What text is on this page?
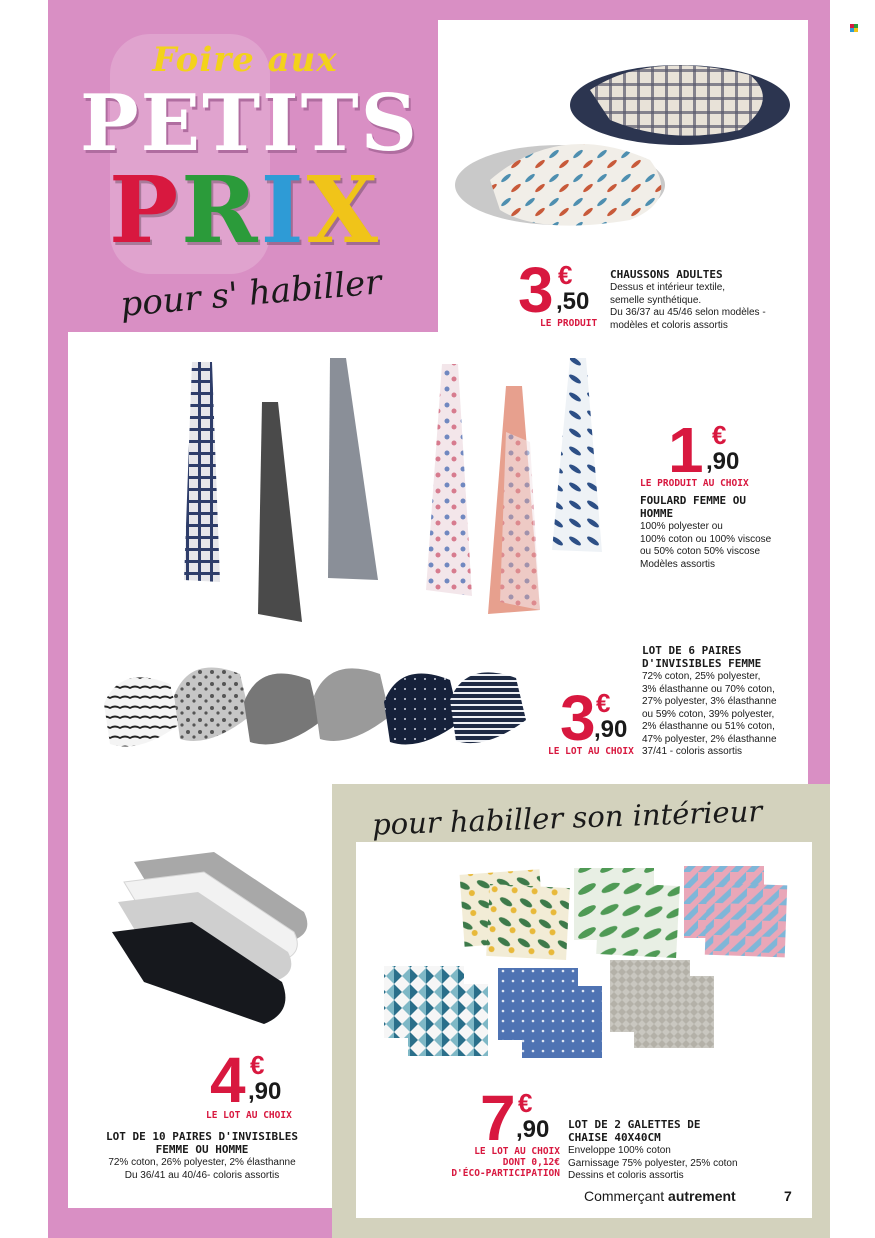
Foire aux
PETITS
PRIX
pour s' habiller	3 €
,50
LE PRODUIT
CHAUSSONS ADULTES
Dessus et intérieur textile,
semelle synthétique.
Du 36/37 au 45/46 selon modèles -
modèles et coloris assortis
1 €
,90
LE PRODUIT AU CHOIX
FOULARD FEMME OU
HOMME
100% polyester ou
100% coton ou 100% viscose
ou 50% coton 50% viscose
Modèles assortis
3 €
,90
LE LOT AU CHOIX
LOT DE 6 PAIRES
D'INVISIBLES FEMME
72% coton, 25% polyester,
3% élasthanne ou 70% coton,
27% polyester, 3% élasthanne
ou 59% coton, 39% polyester,
2% élasthanne ou 51% coton,
47% polyester, 2% élasthanne
37/41 - coloris assortis
4 €
,90
LE LOT AU CHOIX
LOT DE 10 PAIRES D'INVISIBLES
FEMME OU HOMME
72% coton, 26% polyester, 2% élasthanne
Du 36/41 au 40/46- coloris assortis
pour habiller son intérieur
7 €
,90
LE LOT AU CHOIX
DONT 0,12€
D'ÉCO-PARTICIPATION
LOT DE 2 GALETTES DE
CHAISE 40X40CM
Enveloppe 100% coton
Garnissage 75% polyester, 25% coton
Dessins et coloris assortis
Commerçant autrement	7
